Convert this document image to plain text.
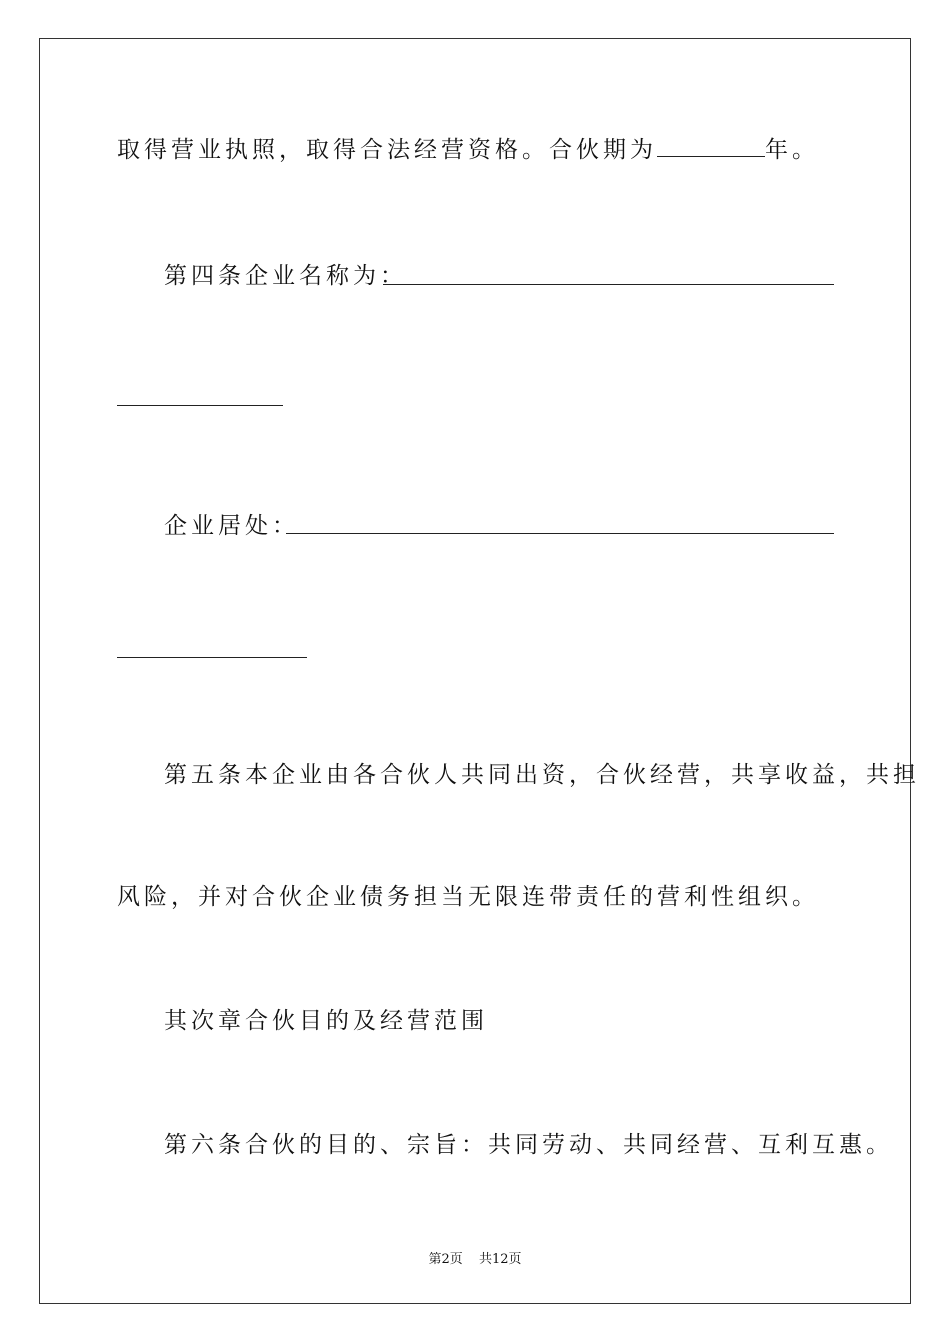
取得营业执照，取得合法经营资格。合伙期为	年。
第四条企业名称为：
企业居处：
第五条本企业由各合伙人共同出资，合伙经营，共享收益，共担
风险，并对合伙企业债务担当无限连带责任的营利性组织。
其次章合伙目的及经营范围
第六条合伙的目的、宗旨：共同劳动、共同经营、互利互惠。
第2页 共12页
